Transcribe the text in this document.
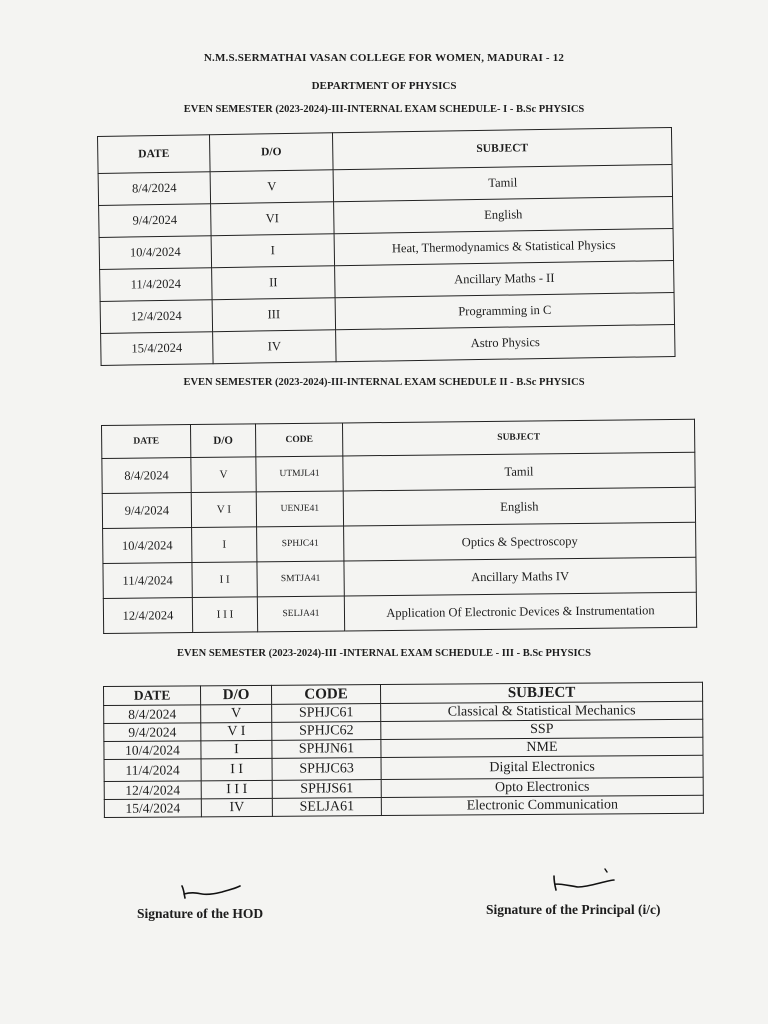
N.M.S.SERMATHAI VASAN COLLEGE FOR WOMEN, MADURAI - 12
DEPARTMENT OF PHYSICS
EVEN SEMESTER (2023-2024)-III-INTERNAL EXAM SCHEDULE- I - B.Sc PHYSICS
DATE	D/O	SUBJECT
8/4/2024	V	Tamil
9/4/2024	VI	English
10/4/2024	I	Heat, Thermodynamics & Statistical Physics
11/4/2024	II	Ancillary Maths - II
12/4/2024	III	Programming in C
15/4/2024	IV	Astro Physics
EVEN SEMESTER (2023-2024)-III-INTERNAL EXAM SCHEDULE II - B.Sc PHYSICS
DATE	D/O	CODE	SUBJECT
8/4/2024	V	UTMJL41	Tamil
9/4/2024	V I	UENJE41	English
10/4/2024	I	SPHJC41	Optics & Spectroscopy
11/4/2024	I I	SMTJA41	Ancillary Maths IV
12/4/2024	I I I	SELJA41	Application Of Electronic Devices & Instrumentation
EVEN SEMESTER (2023-2024)-III -INTERNAL EXAM SCHEDULE - III - B.Sc PHYSICS
DATE	D/O	CODE	SUBJECT
8/4/2024	V	SPHJC61	Classical & Statistical Mechanics
9/4/2024	V I	SPHJC62	SSP
10/4/2024	I	SPHJN61	NME
11/4/2024	I I	SPHJC63	Digital Electronics
12/4/2024	I I I	SPHJS61	Opto Electronics
15/4/2024	IV	SELJA61	Electronic Communication
Signature of the HOD	Signature of the Principal (i/c)
